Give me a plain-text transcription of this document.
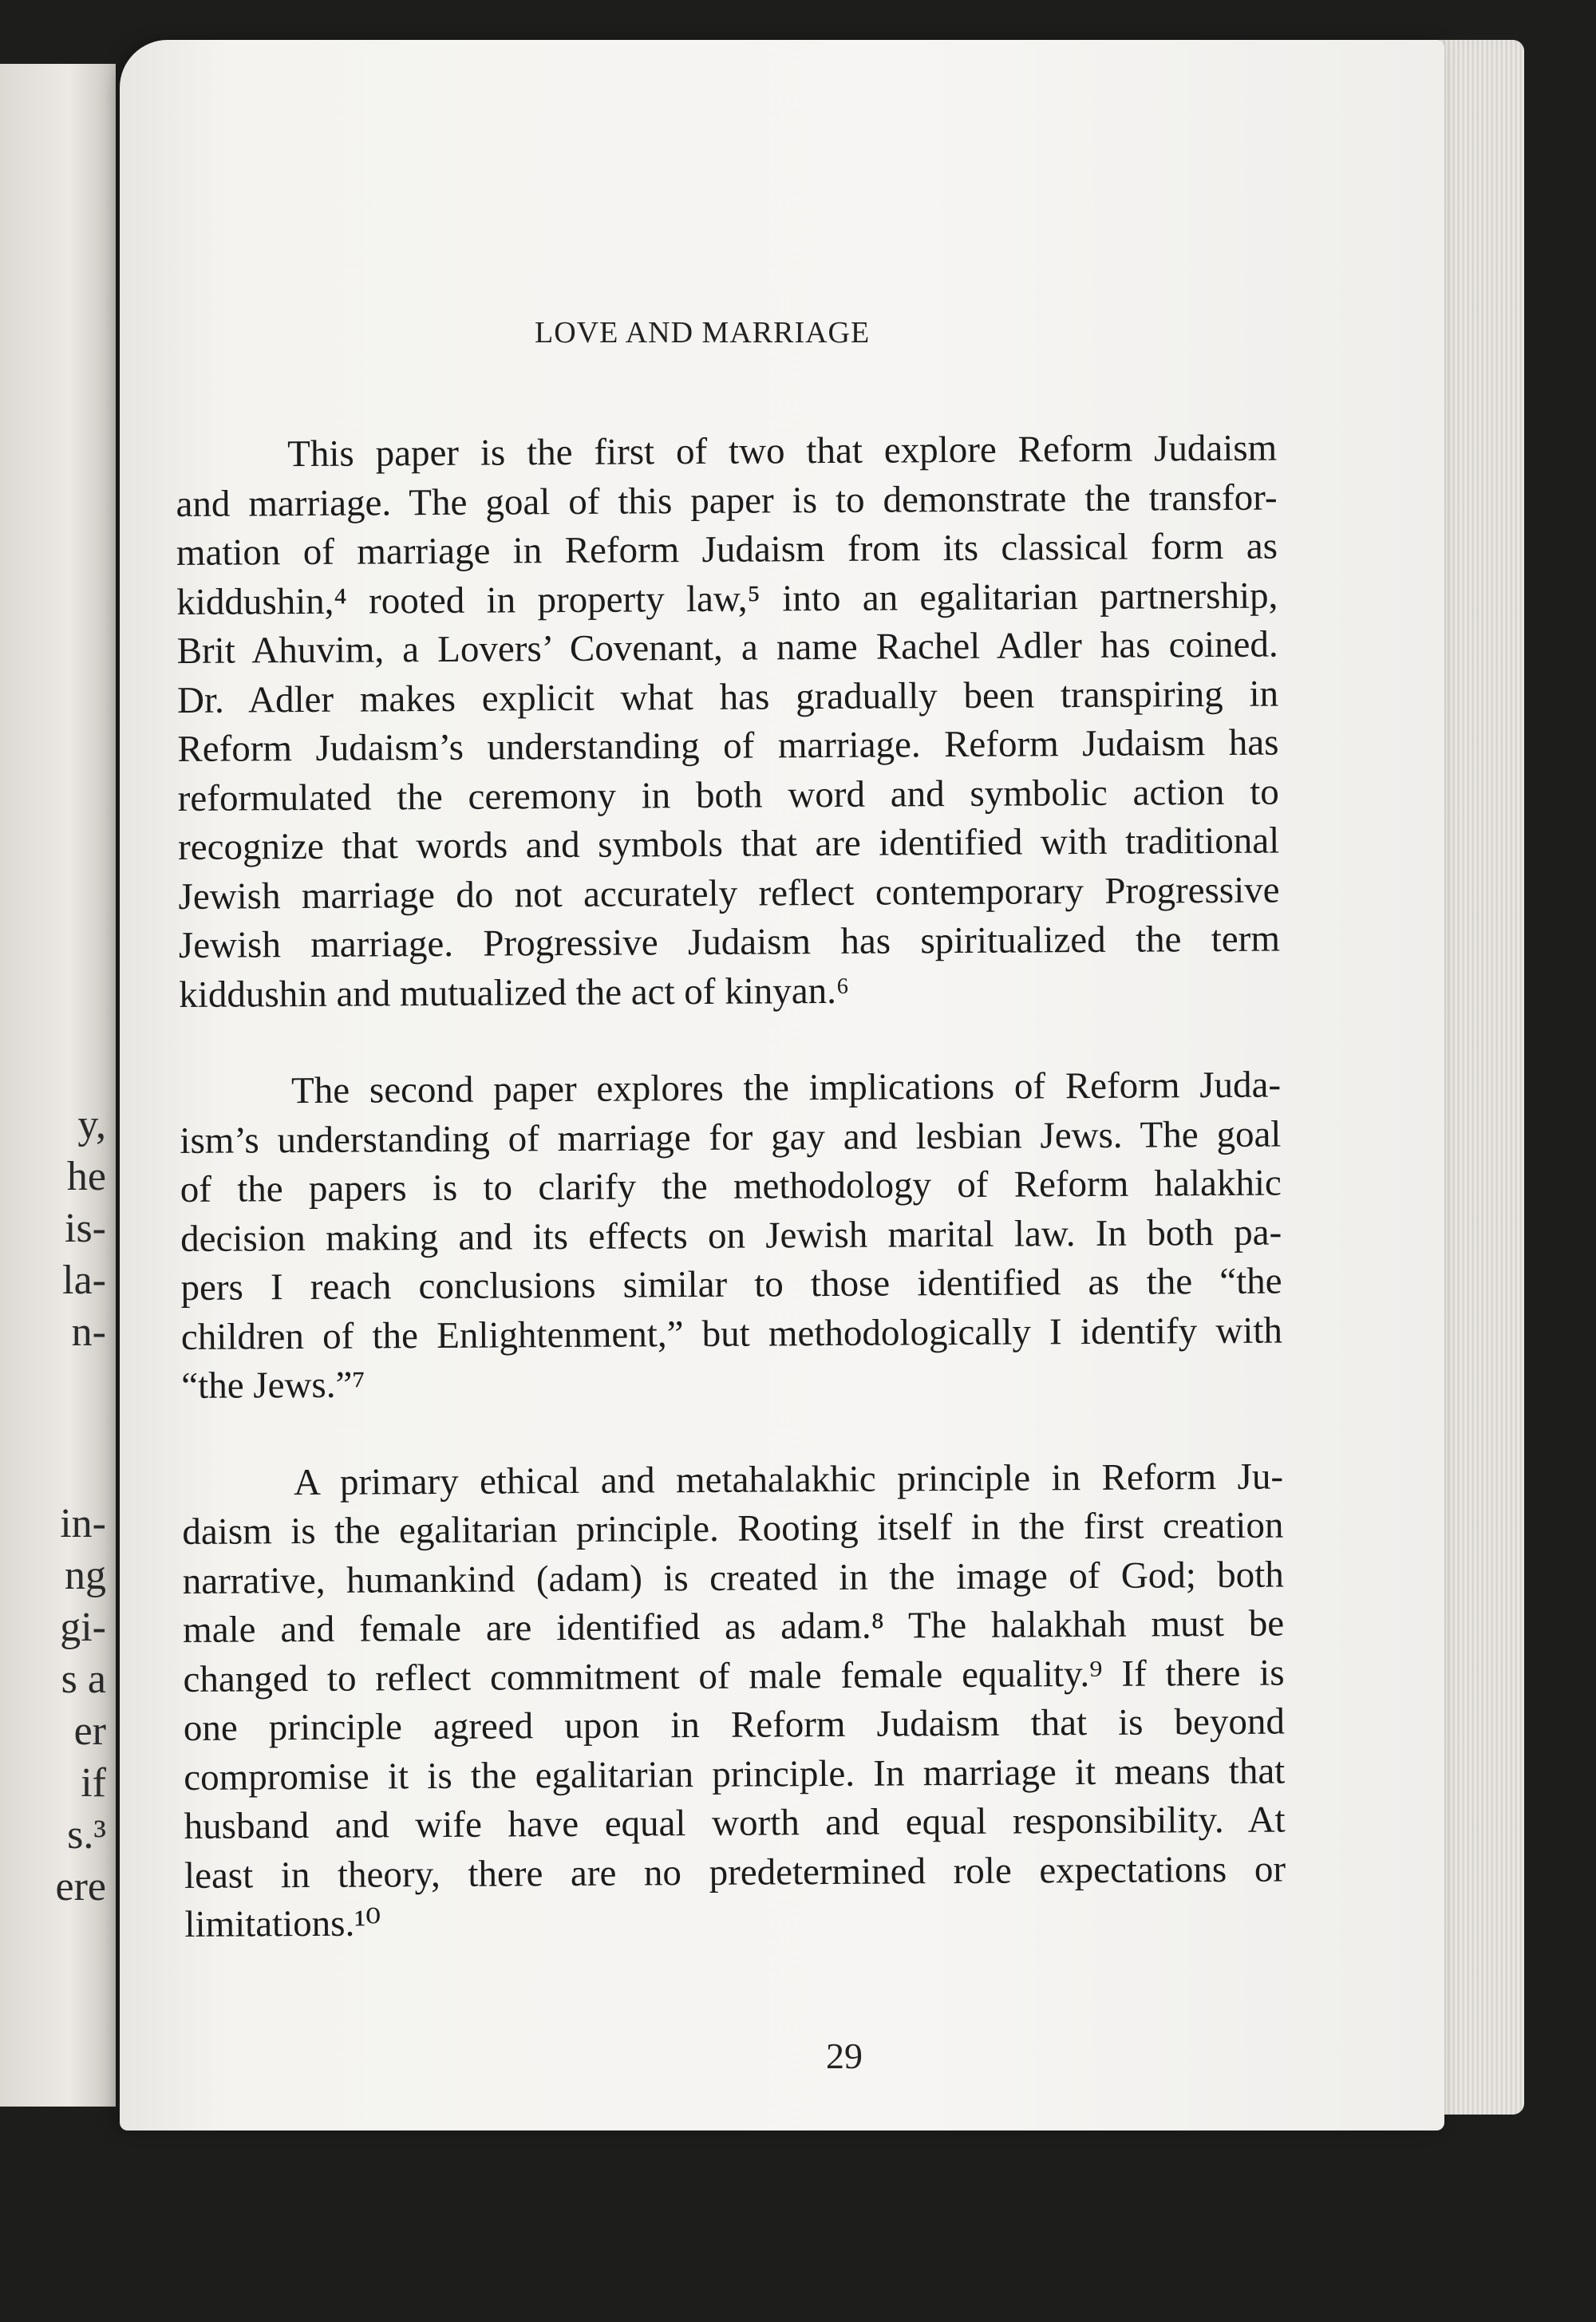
y,
he
is-
la-
n-
in-
ng
gi-
s a
er
if
s.³
ere
LOVE AND MARRIAGE
This paper is the first of two that explore Reform Judaism
and marriage. The goal of this paper is to demonstrate the transfor-
mation of marriage in Reform Judaism from its classical form as
kiddushin,⁴ rooted in property law,⁵ into an egalitarian partnership,
Brit Ahuvim, a Lovers’ Covenant, a name Rachel Adler has coined.
Dr. Adler makes explicit what has gradually been transpiring in
Reform Judaism’s understanding of marriage. Reform Judaism has
reformulated the ceremony in both word and symbolic action to
recognize that words and symbols that are identified with traditional
Jewish marriage do not accurately reflect contemporary Progressive
Jewish marriage. Progressive Judaism has spiritualized the term
kiddushin and mutualized the act of kinyan.⁶
The second paper explores the implications of Reform Juda-
ism’s understanding of marriage for gay and lesbian Jews. The goal
of the papers is to clarify the methodology of Reform halakhic
decision making and its effects on Jewish marital law. In both pa-
pers I reach conclusions similar to those identified as the “the
children of the Enlightenment,” but methodologically I identify with
“the Jews.”⁷
A primary ethical and metahalakhic principle in Reform Ju-
daism is the egalitarian principle. Rooting itself in the first creation
narrative, humankind (adam) is created in the image of God; both
male and female are identified as adam.⁸ The halakhah must be
changed to reflect commitment of male female equality.⁹ If there is
one principle agreed upon in Reform Judaism that is beyond
compromise it is the egalitarian principle. In marriage it means that
husband and wife have equal worth and equal responsibility. At
least in theory, there are no predetermined role expectations or
limitations.¹⁰
29
